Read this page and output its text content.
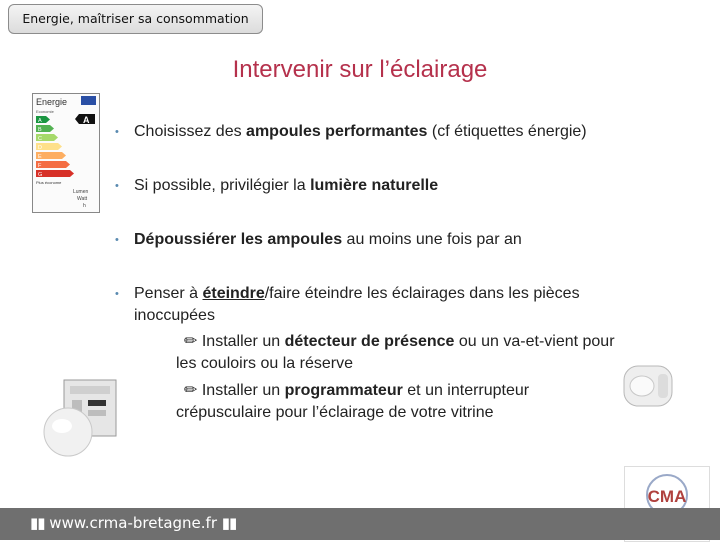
Energie, maîtriser sa consommation
Intervenir sur l’éclairage
Energie
Economie
A
B
C
D
E
F
G
A
Plus économe
Lumen
Watt
h
• Choisissez des ampoules performantes (cf étiquettes énergie)
• Si possible, privilégier la lumière naturelle
• Dépoussiérer les ampoules au moins une fois par an
• Penser à éteindre/faire éteindre les éclairages dans les pièces
inoccupées
✏ Installer un détecteur de présence ou un va-et-vient pour
les couloirs ou la réserve
✏ Installer un programmateur et un interrupteur
crépusculaire pour l’éclairage de votre vitrine
CMA
▮▮ www.crma-bretagne.fr ▮▮
